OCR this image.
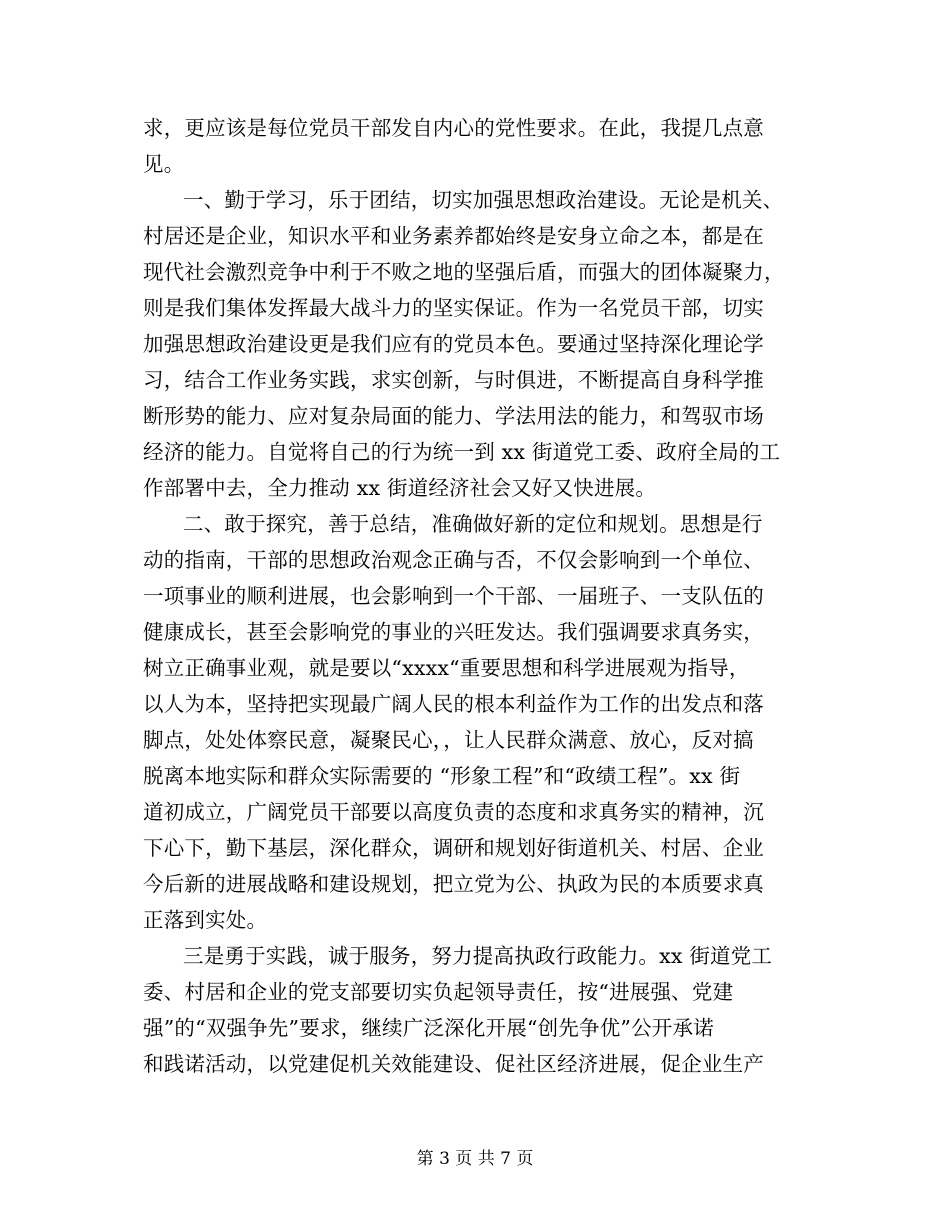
求，更应该是每位党员干部发自内心的党性要求。在此，我提几点意
见。
一、勤于学习，乐于团结，切实加强思想政治建设。无论是机关、
村居还是企业，知识水平和业务素养都始终是安身立命之本，都是在
现代社会激烈竞争中利于不败之地的坚强后盾，而强大的团体凝聚力，
则是我们集体发挥最大战斗力的坚实保证。作为一名党员干部，切实
加强思想政治建设更是我们应有的党员本色。要通过坚持深化理论学
习，结合工作业务实践，求实创新，与时俱进，不断提高自身科学推
断形势的能力、应对复杂局面的能力、学法用法的能力，和驾驭市场
经济的能力。自觉将自己的行为统一到 xx 街道党工委、政府全局的工
作部署中去，全力推动 xx 街道经济社会又好又快进展。
二、敢于探究，善于总结，准确做好新的定位和规划。思想是行
动的指南，干部的思想政治观念正确与否，不仅会影响到一个单位、
一项事业的顺利进展，也会影响到一个干部、一届班子、一支队伍的
健康成长，甚至会影响党的事业的兴旺发达。我们强调要求真务实，
树立正确事业观，就是要以“xxxx“重要思想和科学进展观为指导，
以人为本，坚持把实现最广阔人民的根本利益作为工作的出发点和落
脚点，处处体察民意，凝聚民心，，让人民群众满意、放心，反对搞
脱离本地实际和群众实际需要的 “形象工程”和“政绩工程”。xx 街
道初成立，广阔党员干部要以高度负责的态度和求真务实的精神，沉
下心下，勤下基层，深化群众，调研和规划好街道机关、村居、企业
今后新的进展战略和建设规划，把立党为公、执政为民的本质要求真
正落到实处。
三是勇于实践，诚于服务，努力提高执政行政能力。xx 街道党工
委、村居和企业的党支部要切实负起领导责任，按“进展强、党建
强”的“双强争先”要求，继续广泛深化开展“创先争优”公开承诺
和践诺活动，以党建促机关效能建设、促社区经济进展，促企业生产
第 3 页 共 7 页
